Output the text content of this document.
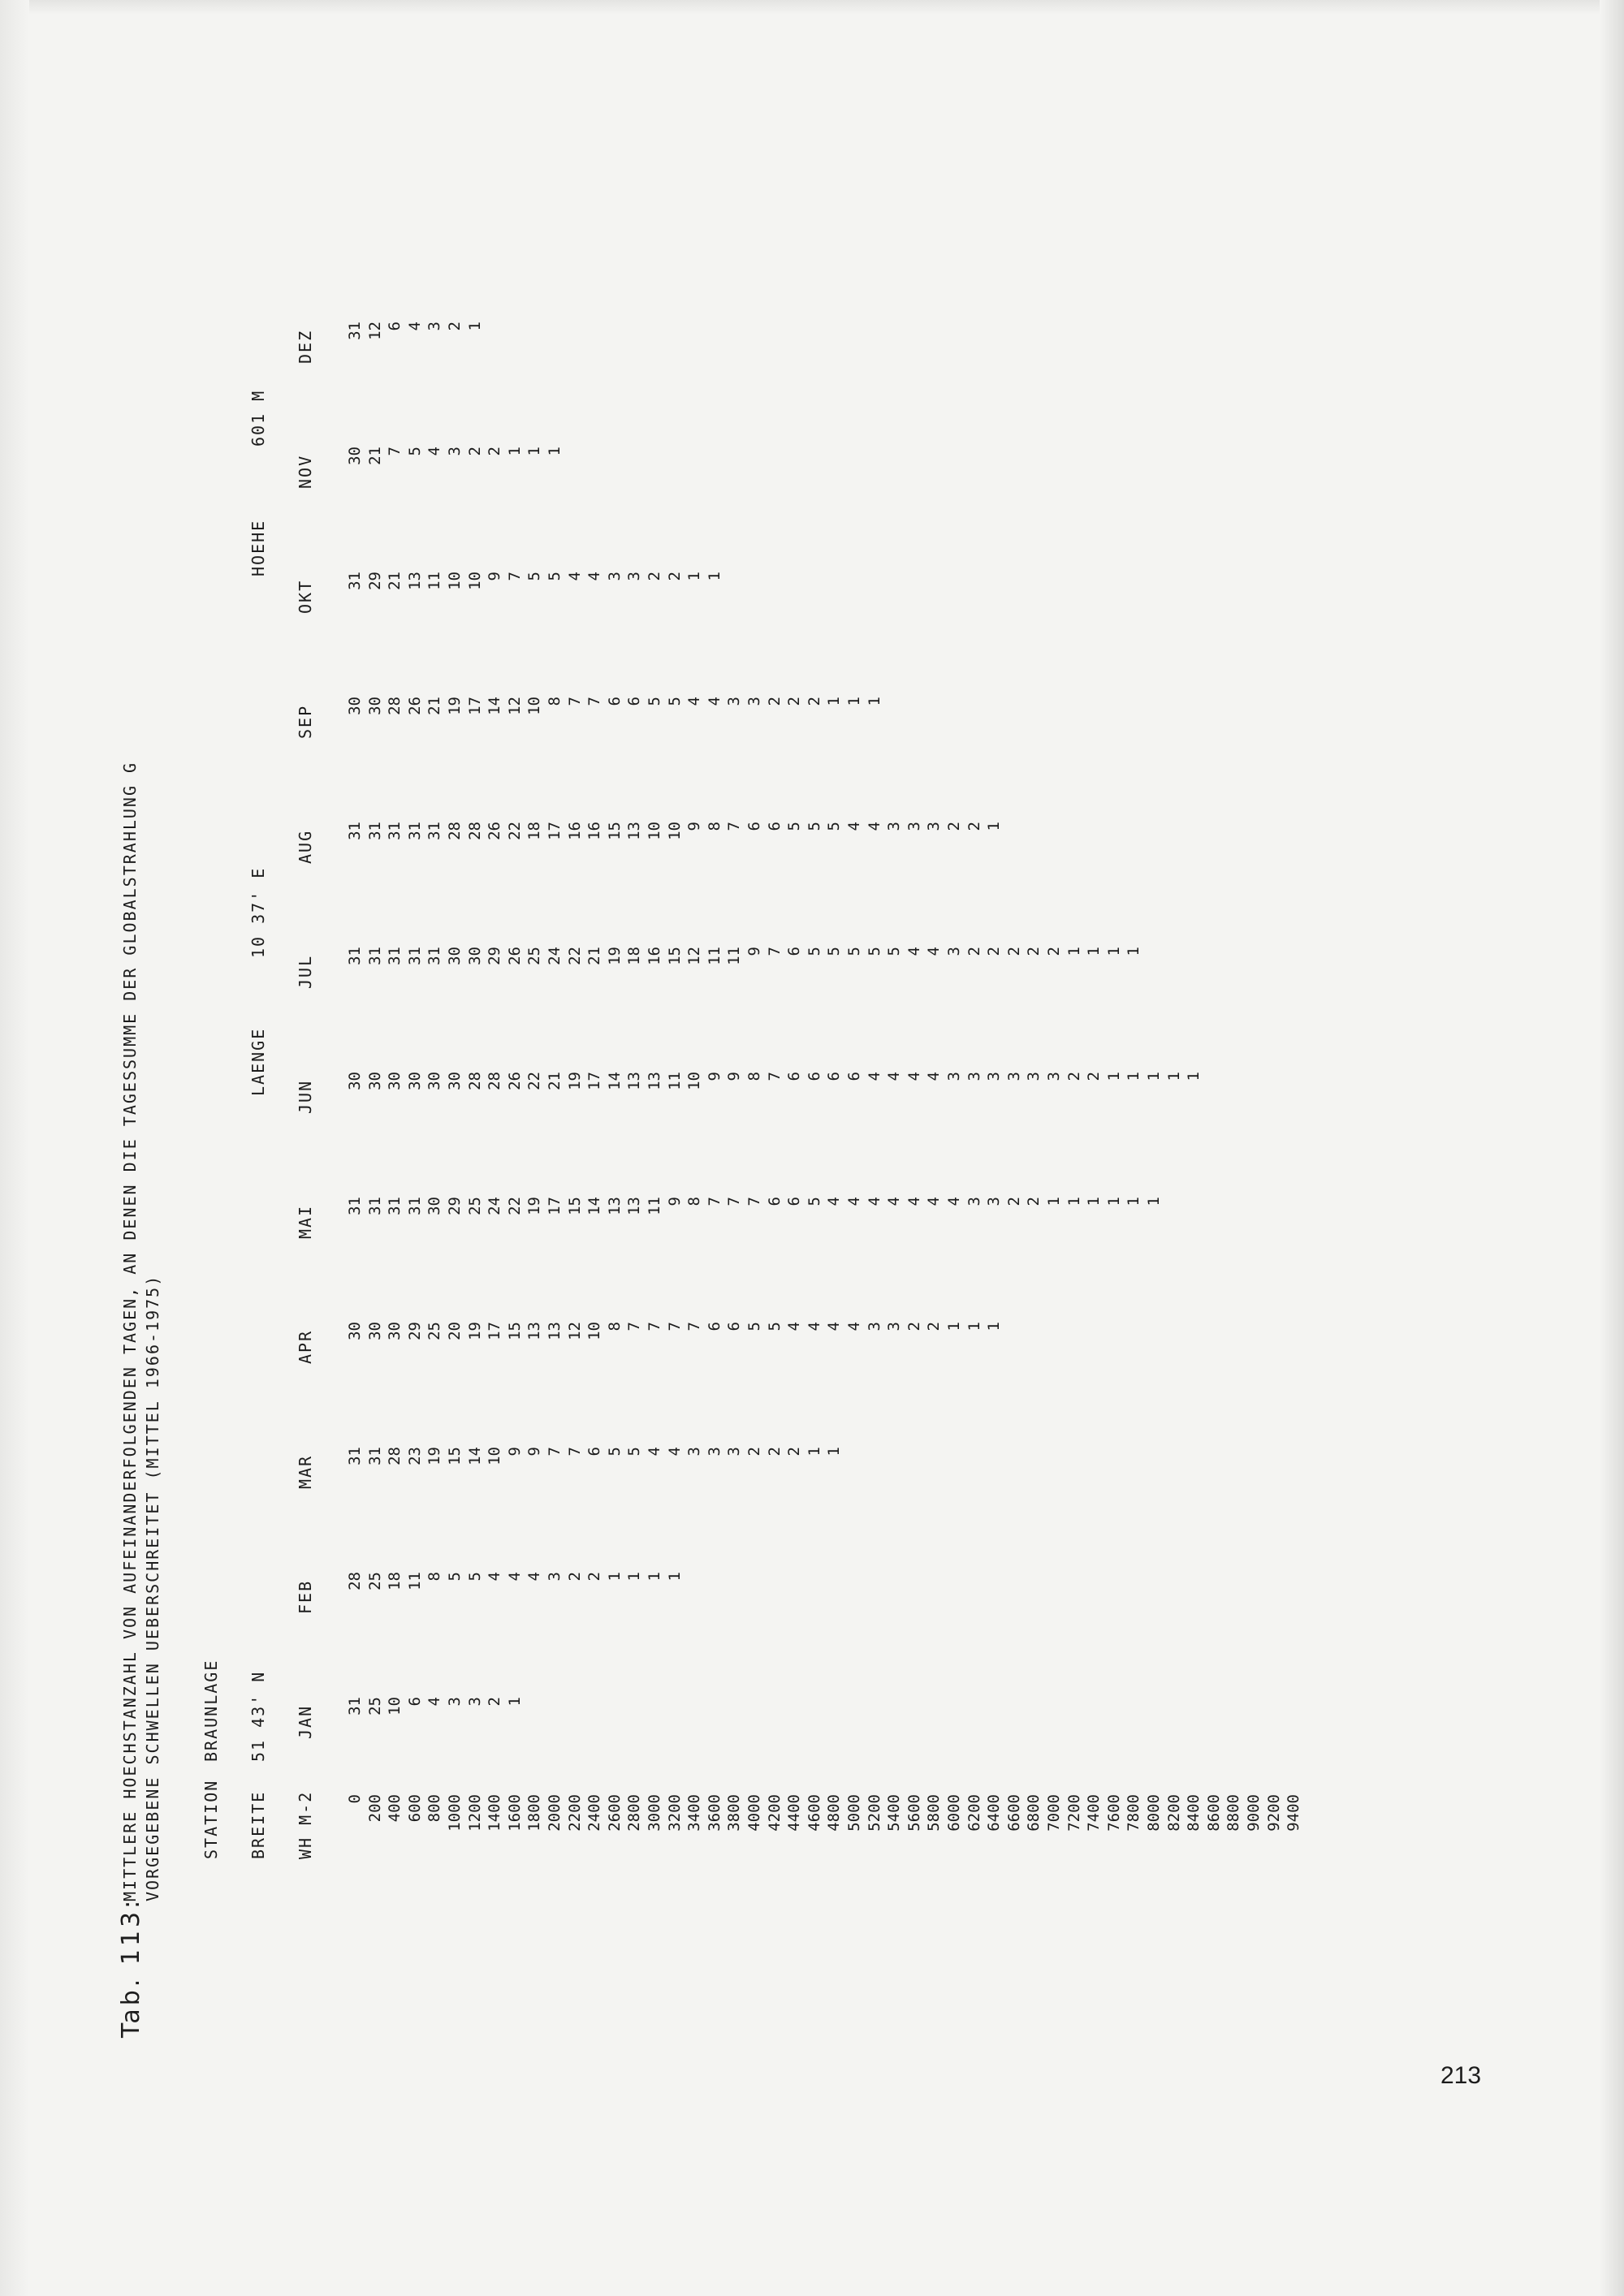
Tab. 113:
MITTLERE HOECHSTANZAHL VON AUFEINANDERFOLGENDEN TAGEN, AN DENEN DIE TAGESSUMME DER GLOBALSTRAHLUNG G VORGEGEBENE SCHWELLEN UEBERSCHREITET (MITTEL 1966-1975) STATION
BRAUNLAGE
BREITE
51 43' N
LAENGE
10 37' E
HOEHE
601 M
WH M-2
JAN
FEB
MAR
APR
MAI
JUN
JUL
AUG
SEP
OKT
NOV
DEZ
0
31
28
31
30
31
30
31
31
30
31
30
31
200
25
25
31
30
31
30
31
31
30
29
21
12
400
10
18
28
30
31
30
31
31
28
21
7
6
600
6
11
23
29
31
30
31
31
26
13
5
4
800
4
8
19
25
30
30
31
31
21
11
4
3
1000
3
5
15
20
29
30
30
28
19
10
3
2
1200
3
5
14
19
25
28
30
28
17
10
2
1
1400
2
4
10
17
24
28
29
26
14
9
2
1600
1
4
9
15
22
26
26
22
12
7
1
1800
4
9
13
19
22
25
18
10
5
1
2000
3
7
13
17
21
24
17
8
5
1
2200
2
7
12
15
19
22
16
7
4
2400
2
6
10
14
17
21
16
7
4
2600
1
5
8
13
14
19
15
6
3
2800
1
5
7
13
13
18
13
6
3
3000
1
4
7
11
13
16
10
5
2
3200
1
4
7
9
11
15
10
5
2
3400
3
7
8
10
12
9
4
1
3600
3
6
7
9
11
8
4
1
3800
3
6
7
9
11
7
3
4000
2
5
7
8
9
6
3
4200
2
5
6
7
7
6
2
4400
2
4
6
6
6
5
2
4600
1
4
5
6
5
5
2
4800
1
4
4
6
5
5
1
5000
4
4
6
5
4
1
5200
3
4
4
5
4
1
5400
3
4
4
5
3
5600
2
4
4
4
3
5800
2
4
4
4
3
6000
1
4
3
3
2
6200
1
3
3
2
2
6400
1
3
3
2
1
6600
2
3
2
6800
2
3
2
7000
1
3
2
7200
1
2
1
7400
1
2
1
7600
1
1
1
7800
1
1
1
8000
1
1
8200
1
8400
1
8600 8800 9000 9200 9400
213
